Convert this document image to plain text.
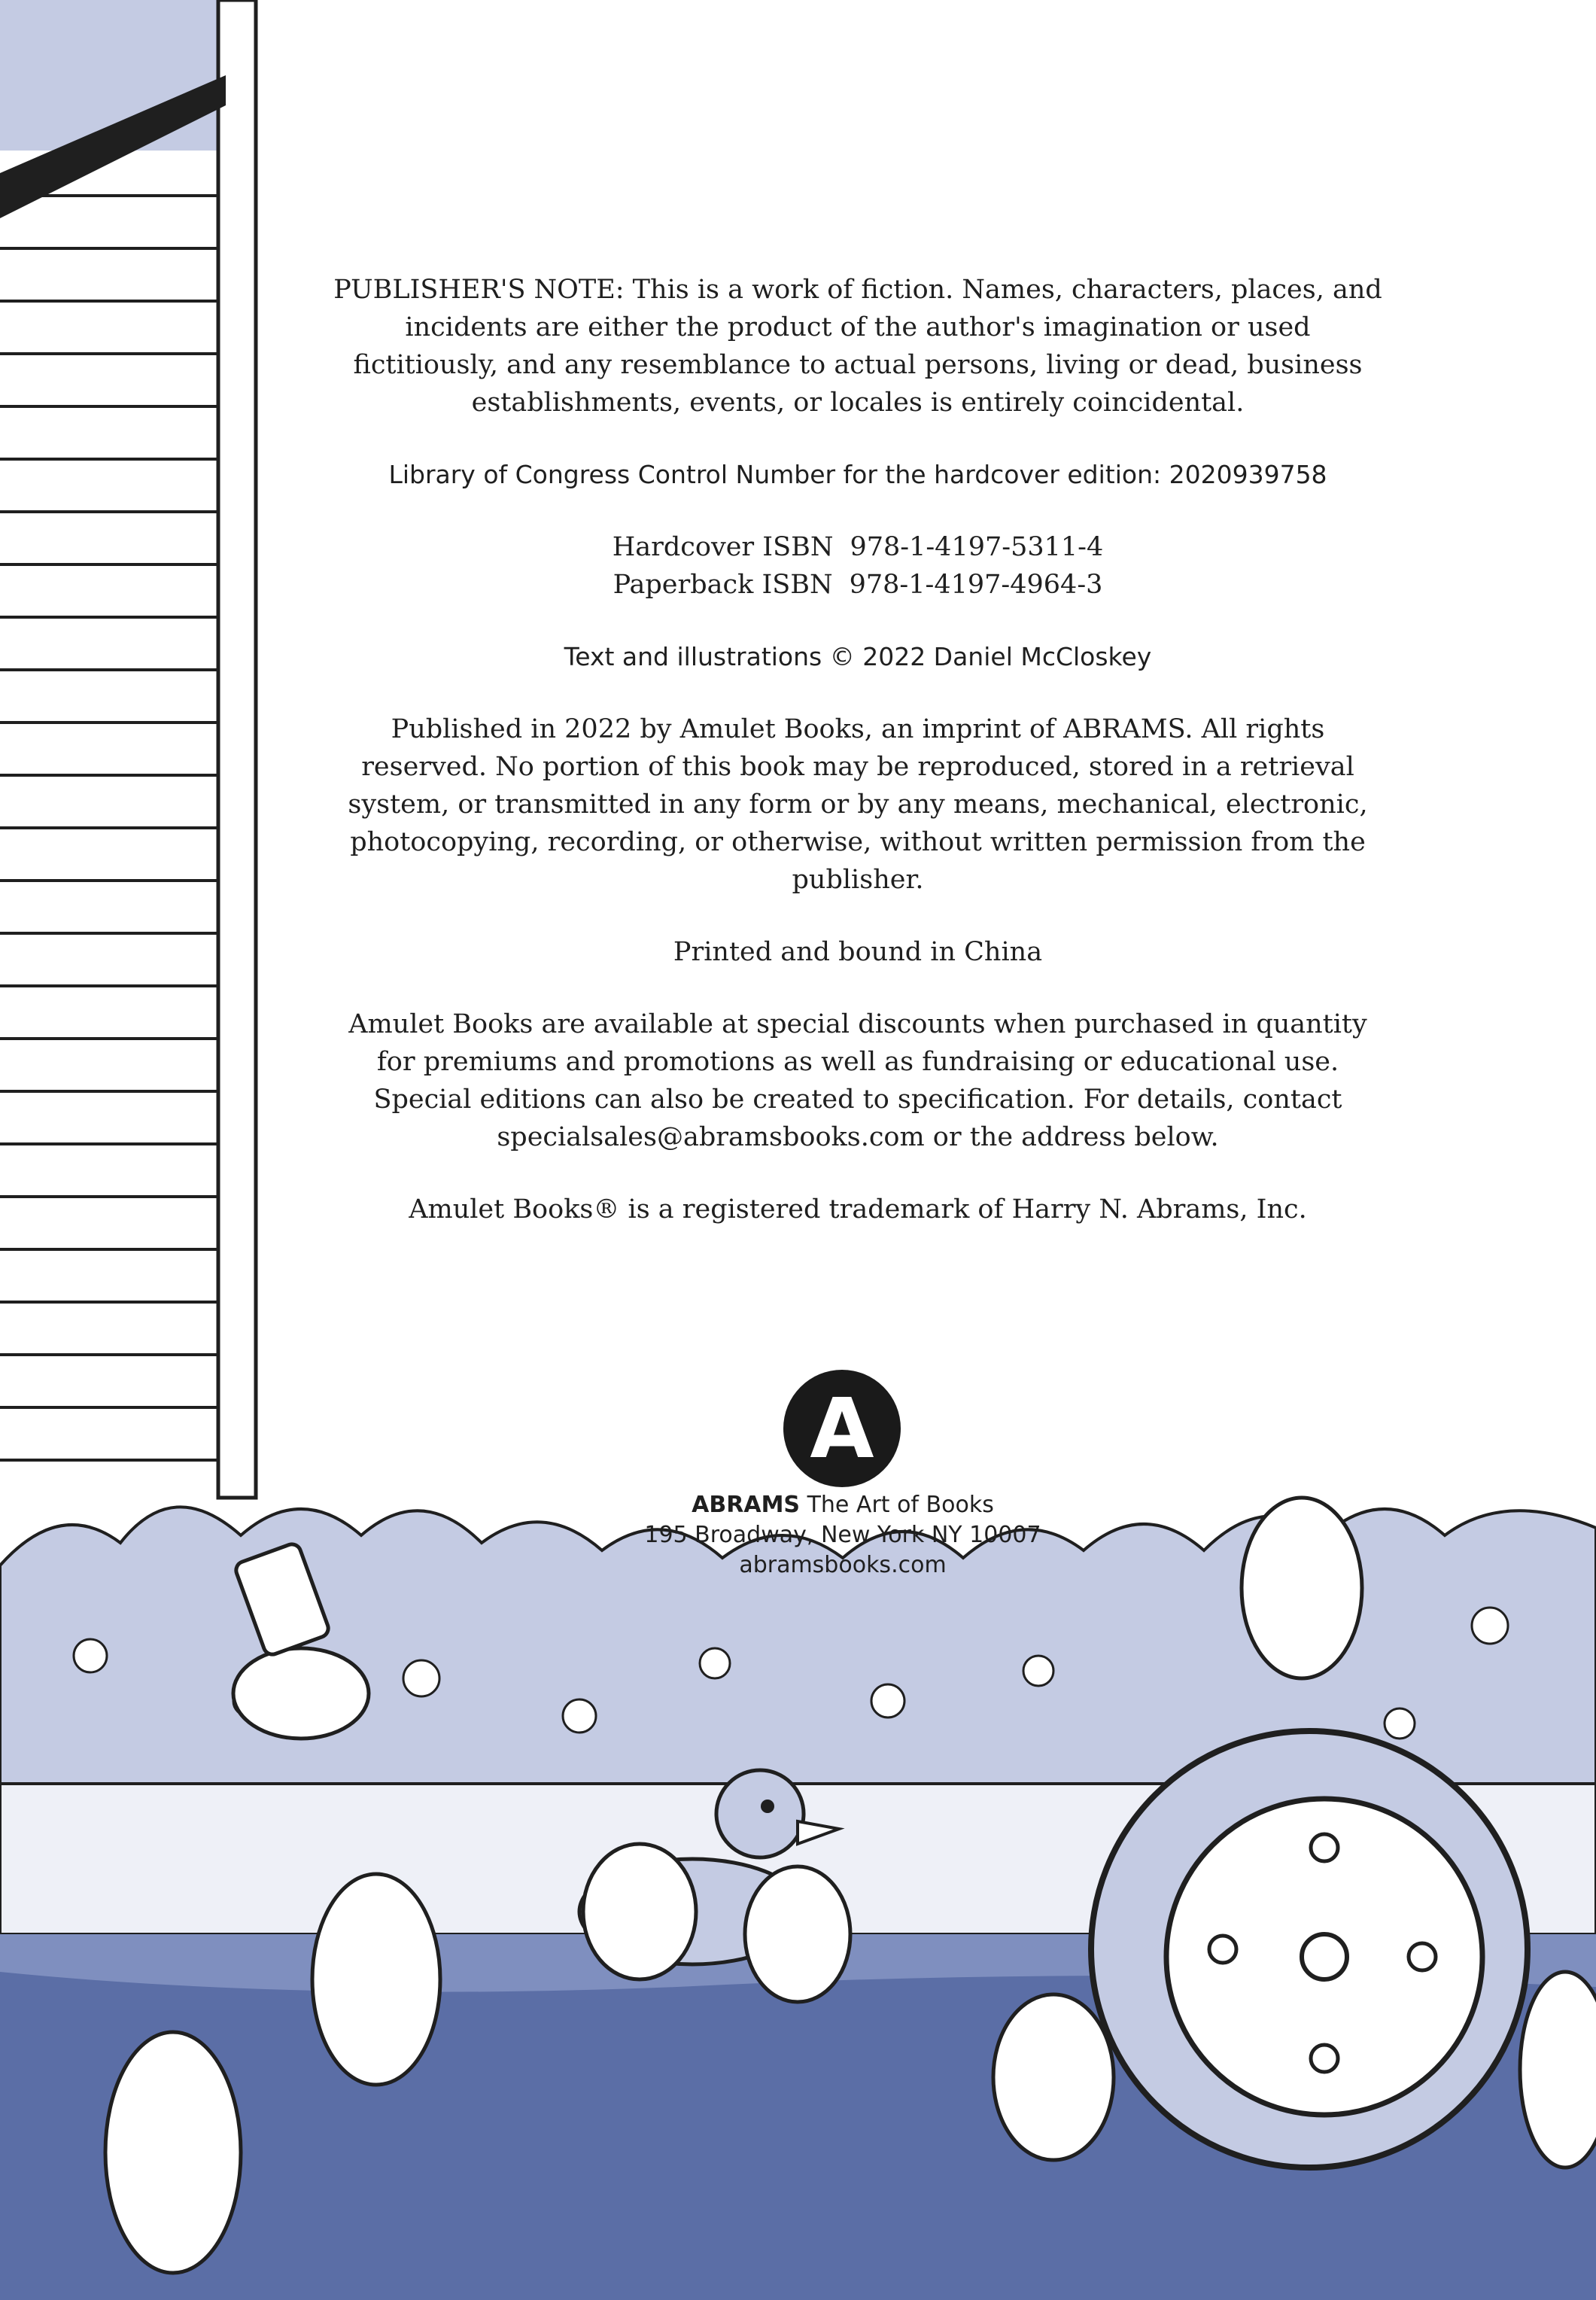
PUBLISHER'S NOTE: This is a work of fiction. Names, characters, places, and incidents are either the product of the author's imagination or used fictitiously, and any resemblance to actual persons, living or dead, business establishments, events, or locales is entirely coincidental.

Library of Congress Control Number for the hardcover edition: 2020939758

Hardcover ISBN 978-1-4197-5311-4
Paperback ISBN 978-1-4197-4964-3

Text and illustrations © 2022 Daniel McCloskey

Published in 2022 by Amulet Books, an imprint of ABRAMS. All rights reserved. No portion of this book may be reproduced, stored in a retrieval system, or transmitted in any form or by any means, mechanical, electronic, photocopying, recording, or otherwise, without written permission from the publisher.

Printed and bound in China

Amulet Books are available at special discounts when purchased in quantity for premiums and promotions as well as fundraising or educational use. Special editions can also be created to specification. For details, contact specialsales@abramsbooks.com or the address below.

Amulet Books® is a registered trademark of Harry N. Abrams, Inc.

A
ABRAMS The Art of Books
195 Broadway, New York NY 10007
abramsbooks.com
